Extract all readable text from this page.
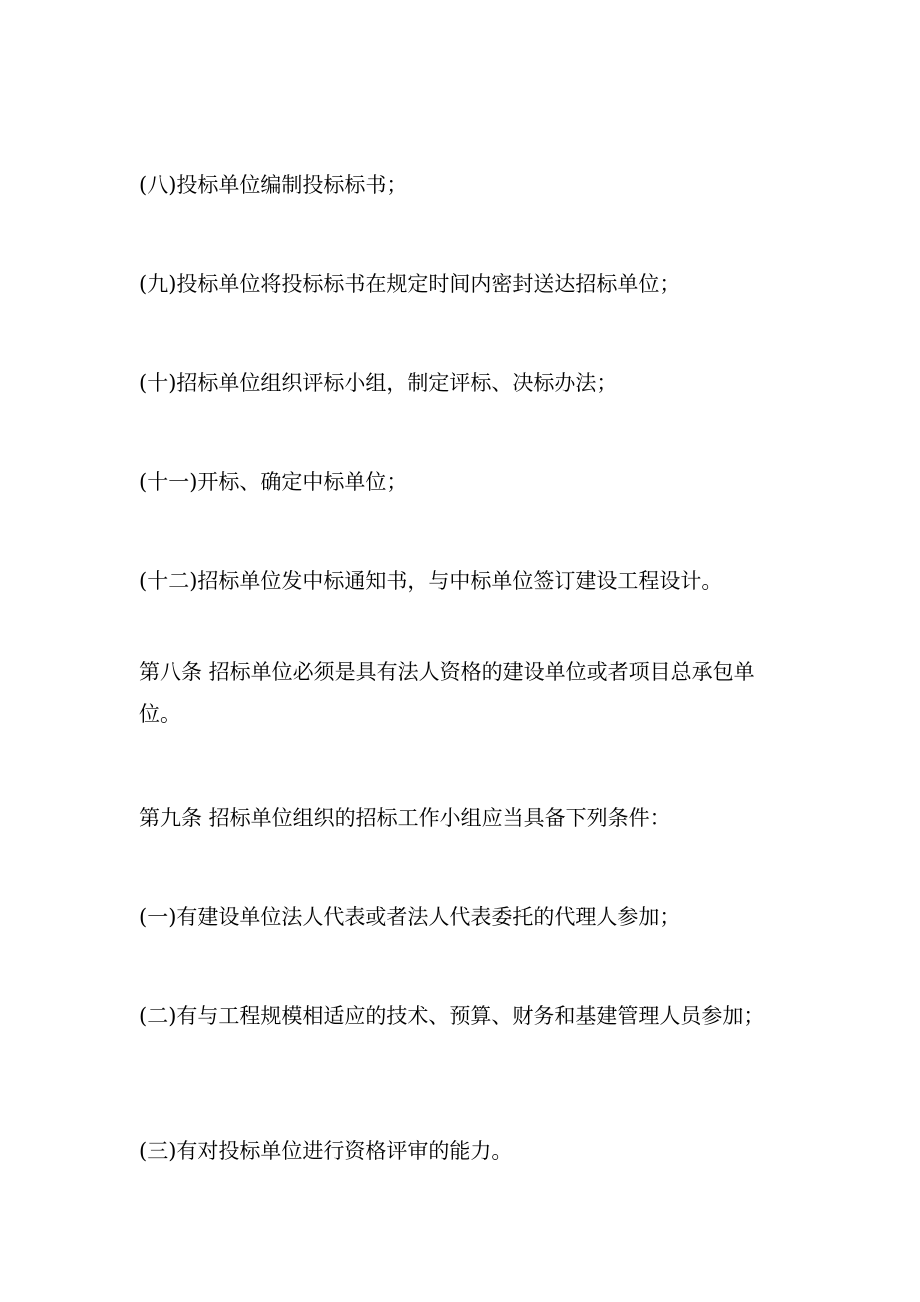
(八)投标单位编制投标标书；

(九)投标单位将投标标书在规定时间内密封送达招标单位；

(十)招标单位组织评标小组，制定评标、决标办法；

(十一)开标、确定中标单位；

(十二)招标单位发中标通知书，与中标单位签订建设工程设计。

第八条 招标单位必须是具有法人资格的建设单位或者项目总承包单位。

第九条 招标单位组织的招标工作小组应当具备下列条件：

(一)有建设单位法人代表或者法人代表委托的代理人参加；

(二)有与工程规模相适应的技术、预算、财务和基建管理人员参加；

(三)有对投标单位进行资格评审的能力。
